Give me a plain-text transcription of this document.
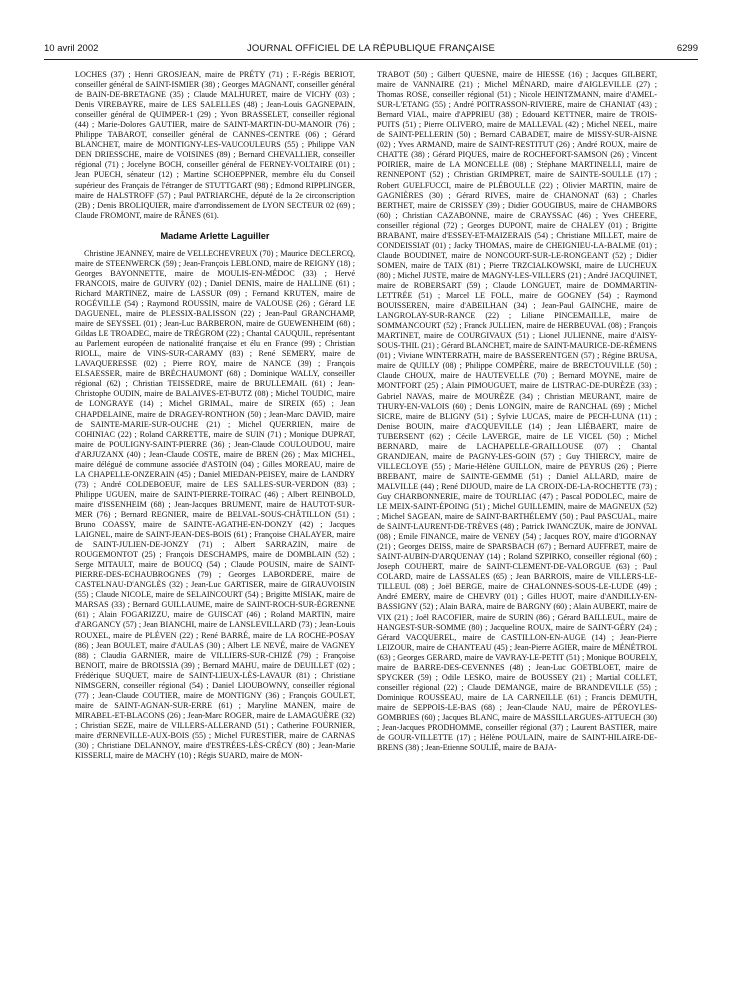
10 avril 2002	JOURNAL OFFICIEL DE LA RÉPUBLIQUE FRANÇAISE	6299

LOCHES (37) ; Henri GROSJEAN, maire de PRÉTY (71) ; F.-Régis BERIOT, conseiller général de SAINT-ISMIER (38) ; Georges MAGNANT, conseiller général de BAIN-DE-BRETAGNE (35) ; Claude MALHURET, maire de VICHY (03) ; Denis VIREBAYRE, maire de LES SALELLES (48) ; Jean-Louis GAGNEPAIN, conseiller général de QUIMPER-1 (29) ; Yvon BRASSELET, conseiller régional (44) ; Marie-Dolores GAUTIER, maire de SAINT-MARTIN-DU-MANOIR (76) ; Philippe TABAROT, conseiller général de CANNES-CENTRE (06) ; Gérard BLANCHET, maire de MONTIGNY-LES-VAUCOULEURS (55) ; Philippe VAN DEN DRIESSCHE, maire de VOISINES (89) ; Bernard CHEVALLIER, conseiller régional (71) ; Jocelyne BOCH, conseiller général de FERNEY-VOLTAIRE (01) ; Jean PUECH, sénateur (12) ; Martine SCHOEPPNER, membre élu du Conseil supérieur des Français de l'étranger de STUTTGART (98) ; Edmond RIPPLINGER, maire de HALSTROFF (57) ; Paul PATRIARCHE, député de la 2e circonscription (2B) ; Denis BROLIQUIER, maire d'arrondissement de LYON SECTEUR 02 (69) ; Claude FROMONT, maire de RÂNES (61).

Madame Arlette Laguiller

Christine JEANNEY, maire de VELLECHEVREUX (70) ; Maurice DECLERCQ, maire de STEENWERCK (59) ; Jean-François LEBLOND, maire de REIGNY (18) ; Georges BAYONNETTE, maire de MOULIS-EN-MÉDOC (33) ; Hervé FRANCOIS, maire de GUIVRY (02) ; Daniel DENIS, maire de HALLINE (61) ; Richard MARTINEZ, maire de LASSUR (09) ; Fernand KRUTEN, maire de ROGÉVILLE (54) ; Raymond ROUSSIN, maire de VALOUSE (26) ; Gérard LE DAGUENEL, maire de PLESSIX-BALISSON (22) ; Jean-Paul GRANCHAMP, maire de SEYSSEL (01) ; Jean-Luc BARBERON, maire de GUEWENHEIM (68) ; Gildas LE TROADEC, maire de TRÉGROM (22) ; Chantal CAUQUIL, représentant au Parlement européen de nationalité française et élu en France (99) ; Christian RIOLL, maire de VINS-SUR-CARAMY (83) ; René SEMERY, maire de LAVAQUERESSE (02) ; Pierre ROY, maire de NANCE (39) ; François ELSAESSER, maire de BRÉCHAUMONT (68) ; Dominique WALLY, conseiller régional (62) ; Christian TEISSEDRE, maire de BRULLEMAIL (61) ; Jean-Christophe OUDIN, maire de BALAIVES-ET-BUTZ (08) ; Michel TOUDIC, maire de LONGRAYE (14) ; Michel GRIMAL, maire de SIREIX (65) ; Jean CHAPDELAINE, maire de DRAGEY-RONTHON (50) ; Jean-Marc DAVID, maire de SAINTE-MARIE-SUR-OUCHE (21) ; Michel QUERRIEN, maire de COHINIAC (22) ; Roland CARRETTE, maire de SUIN (71) ; Monique DUPRAT, maire de POULIGNY-SAINT-PIERRE (36) ; Jean-Claude COULOUDOU, maire d'ARJUZANX (40) ; Jean-Claude COSTE, maire de BREN (26) ; Max MICHEL, maire délégué de commune associée d'ASTOIN (04) ; Gilles MOREAU, maire de LA CHAPELLE-ONZERAIN (45) ; Daniel MIEDAN-PEISEY, maire de LANDRY (73) ; André COLDEBOEUF, maire de LES SALLES-SUR-VERDON (83) ; Philippe UGUEN, maire de SAINT-PIERRE-TOIRAC (46) ; Albert REINBOLD, maire d'ISSENHEIM (68) ; Jean-Jacques BRUMENT, maire de HAUTOT-SUR-MER (76) ; Bernard REGNIER, maire de BELVAL-SOUS-CHÂTILLON (51) ; Bruno COASSY, maire de SAINTE-AGATHE-EN-DONZY (42) ; Jacques LAIGNEL, maire de SAINT-JEAN-DES-BOIS (61) ; Françoise CHALAYER, maire de SAINT-JULIEN-DE-JONZY (71) ; Albert SARRAZIN, maire de ROUGEMONTOT (25) ; François DESCHAMPS, maire de DOMBLAIN (52) ; Serge MITAULT, maire de BOUCQ (54) ; Claude POUSIN, maire de SAINT-PIERRE-DES-ECHAUBROGNES (79) ; Georges LABORDERE, maire de CASTELNAU-D'ANGLÈS (32) ; Jean-Luc GARTISER, maire de GIRAUVOISIN (55) ; Claude NICOLE, maire de SELAINCOURT (54) ; Brigitte MISIAK, maire de MARSAS (33) ; Bernard GUILLAUME, maire de SAINT-ROCH-SUR-ÉGRENNE (61) ; Alain FOGARIZZU, maire de GUISCAT (46) ; Roland MARTIN, maire d'ARGANCY (57) ; Jean BIANCHI, maire de LANSLEVILLARD (73) ; Jean-Louis ROUXEL, maire de PLÉVEN (22) ; René BARRÉ, maire de LA ROCHE-POSAY (86) ; Jean BOULET, maire d'AULAS (30) ; Albert LE NEVÉ, maire de VAGNEY (88) ; Claudia GARNIER, maire de VILLIERS-SUR-CHIZÉ (79) ; Françoise BENOIT, maire de BROISSIA (39) ; Bernard MAHU, maire de DEUILLET (02) ; Frédérique SUQUET, maire de SAINT-LIEUX-LÈS-LAVAUR (81) ; Christiane NIMSGERN, conseiller régional (54) ; Daniel LIOUBOWNY, conseiller régional (77) ; Jean-Claude COUTIER, maire de MONTIGNY (36) ; François GOULET, maire de SAINT-AGNAN-SUR-ERRE (61) ; Maryline MANEN, maire de MIRABEL-ET-BLACONS (26) ; Jean-Marc ROGER, maire de LAMAGUÈRE (32) ; Christian SEZE, maire de VILLERS-ALLERAND (51) ; Catherine FOURNIER, maire d'ERNEVILLE-AUX-BOIS (55) ; Michel FURESTIER, maire de CARNAS (30) ; Christiane DELANNOY, maire d'ESTRÉES-LÈS-CRÉCY (80) ; Jean-Marie KISSERLI, maire de MACHY (10) ; Régis SUARD, maire de MON-

TRABOT (50) ; Gilbert QUESNE, maire de HIESSE (16) ; Jacques GILBERT, maire de VANNAIRE (21) ; Michel MÉNARD, maire d'AIGLEVILLE (27) ; Thomas ROSE, conseiller régional (51) ; Nicole HEINTZMANN, maire d'AMEL-SUR-L'ETANG (55) ; André POITRASSON-RIVIERE, maire de CHANIAT (43) ; Bernard VIAL, maire d'APPRIEU (38) ; Edouard KETTNER, maire de TROIS-PUITS (51) ; Pierre OLIVERO, maire de MALLEVAL (42) ; Michel NEEL, maire de SAINT-PELLERIN (50) ; Bernard CABADET, maire de MISSY-SUR-AISNE (02) ; Yves ARMAND, maire de SAINT-RESTITUT (26) ; André ROUX, maire de CHATTE (38) ; Gérard PIQUES, maire de ROCHEFORT-SAMSON (26) ; Vincent POIRIER, maire de LA MONCELLE (08) ; Stéphane MARTINELLI, maire de RENNEPONT (52) ; Christian GRIMPRET, maire de SAINTE-SOULLE (17) ; Robert GUELFUCCI, maire de PLÉBOULLE (22) ; Olivier MARTIN, maire de GAGNIÈRES (30) ; Gérard RIVES, maire de CHANONAT (63) ; Charles BERTHET, maire de CRISSEY (39) ; Didier GOUGIBUS, maire de CHAMBORS (60) ; Christian CAZABONNE, maire de CRAYSSAC (46) ; Yves CHEERE, conseiller régional (72) ; Georges DUPONT, maire de CHALEY (01) ; Brigitte BRABANT, maire d'ESSEY-ET-MAIZERAIS (54) ; Christiane MILLET, maire de CONDEISSIAT (01) ; Jacky THOMAS, maire de CHEIGNIEU-LA-BALME (01) ; Claude BOUDINET, maire de NONCOURT-SUR-LE-RONGEANT (52) ; Didier SOMEN, maire de TAIX (81) ; Pierre TRZCIALKOWSKI, maire de LUCHEUX (80) ; Michel JUSTE, maire de MAGNY-LES-VILLERS (21) ; André JACQUINET, maire de ROBERSART (59) ; Claude LONGUET, maire de DOMMARTIN-LETTRÉE (51) ; Marcel LE FOLL, maire de GOGNEY (54) ; Raymond BOUISSEREN, maire d'ABEILHAN (34) ; Jean-Paul GAINCHE, maire de LANGROLAY-SUR-RANCE (22) ; Liliane PINCEMAILLE, maire de SOMMANCOURT (52) ; Franck JULLIEN, maire de HERBEUVAL (08) ; François MARTINET, maire de COURGIVAUX (51) ; Lionel JULIENNE, maire d'AISY-SOUS-THIL (21) ; Gérard BLANCHET, maire de SAINT-MAURICE-DE-RÉMENS (01) ; Viviane WINTERRATH, maire de BASSERENTGEN (57) ; Régine BRUSA, maire de QUILLY (08) ; Philippe COMPÈRE, maire de BRECTOUVILLE (50) ; Claude CHOUX, maire de HAUTEVELLE (70) ; Bernard MOYNE, maire de MONTFORT (25) ; Alain PIMOUGUET, maire de LISTRAC-DE-DURÈZE (33) ; Gabriel NAVAS, maire de MOURÈZE (34) ; Christian MEURANT, maire de THURY-EN-VALOIS (60) ; Denis LONGIN, maire de RANCHAL (69) ; Michel SICRE, maire de BLIGNY (51) ; Sylvie LUCAS, maire de PECH-LUNA (11) ; Denise BOUIN, maire d'ACQUEVILLE (14) ; Jean LIÉBAERT, maire de TUBERSENT (62) ; Cécile LAVERGE, maire de LE VICEL (50) ; Michel BERNARD, maire de LACHAPELLE-GRAILLOUSE (07) ; Chantal GRANDJEAN, maire de PAGNY-LES-GOIN (57) ; Guy THIERCY, maire de VILLECLOYE (55) ; Marie-Hélène GUILLON, maire de PEYRUS (26) ; Pierre BREBANT, maire de SAINTE-GEMME (51) ; Daniel ALLARD, maire de MALVILLE (44) ; René DIJOUD, maire de LA CROIX-DE-LA-ROCHETTE (73) ; Guy CHARBONNERIE, maire de TOURLIAC (47) ; Pascal PODOLEC, maire de LE MEIX-SAINT-ÉPOING (51) ; Michel GUILLEMIN, maire de MAGNEUX (52) ; Michel SAGEAN, maire de SAINT-BARTHÉLEMY (50) ; Paul PASCUAL, maire de SAINT-LAURENT-DE-TRÈVES (48) ; Patrick IWANCZUK, maire de JONVAL (08) ; Emile FINANCE, maire de VENEY (54) ; Jacques ROY, maire d'IGORNAY (21) ; Georges DEISS, maire de SPARSBACH (67) ; Bernard AUFFRET, maire de SAINT-AUBIN-D'ARQUENAY (14) ; Roland SZPIRKO, conseiller régional (60) ; Joseph COUHERT, maire de SAINT-CLEMENT-DE-VALORGUE (63) ; Paul COLARD, maire de LASSALES (65) ; Jean BARROIS, maire de VILLERS-LE-TILLEUL (08) ; Joël BERGE, maire de CHALONNES-SOUS-LE-LUDE (49) ; André EMERY, maire de CHEVRY (01) ; Gilles HUOT, maire d'ANDILLY-EN-BASSIGNY (52) ; Alain BARA, maire de BARGNY (60) ; Alain AUBERT, maire de VIX (21) ; Joël RACOFIER, maire de SURIN (86) ; Gérard BAILLEUL, maire de HANGEST-SUR-SOMME (80) ; Jacqueline ROUX, maire de SAINT-GÉRY (24) ; Gérard VACQUEREL, maire de CASTILLON-EN-AUGE (14) ; Jean-Pierre LEIZOUR, maire de CHANTEAU (45) ; Jean-Pierre AGIER, maire de MÉNÉTROL (63) ; Georges GERARD, maire de VAVRAY-LE-PETIT (51) ; Monique BOURELY, maire de BARRE-DES-CEVENNES (48) ; Jean-Luc GOETBLOET, maire de SPYCKER (59) ; Odile LESKO, maire de BOUSSEY (21) ; Martial COLLET, conseiller régional (22) ; Claude DEMANGE, maire de BRANDEVILLE (55) ; Dominique ROUSSEAU, maire de LA CARNEILLE (61) ; Francis DEMUTH, maire de SEPPOIS-LE-BAS (68) ; Jean-Claude NAU, maire de PÉROYLES-GOMBRIES (60) ; Jacques BLANC, maire de MASSILLARGUES-ATTUECH (30) ; Jean-Jacques PRODHOMME, conseiller régional (37) ; Laurent BASTIER, maire de GOUR-VILLETTE (17) ; Hélène POULAIN, maire de SAINT-HILAIRE-DE-BRENS (38) ; Jean-Etienne SOULIÉ, maire de BAJA-
